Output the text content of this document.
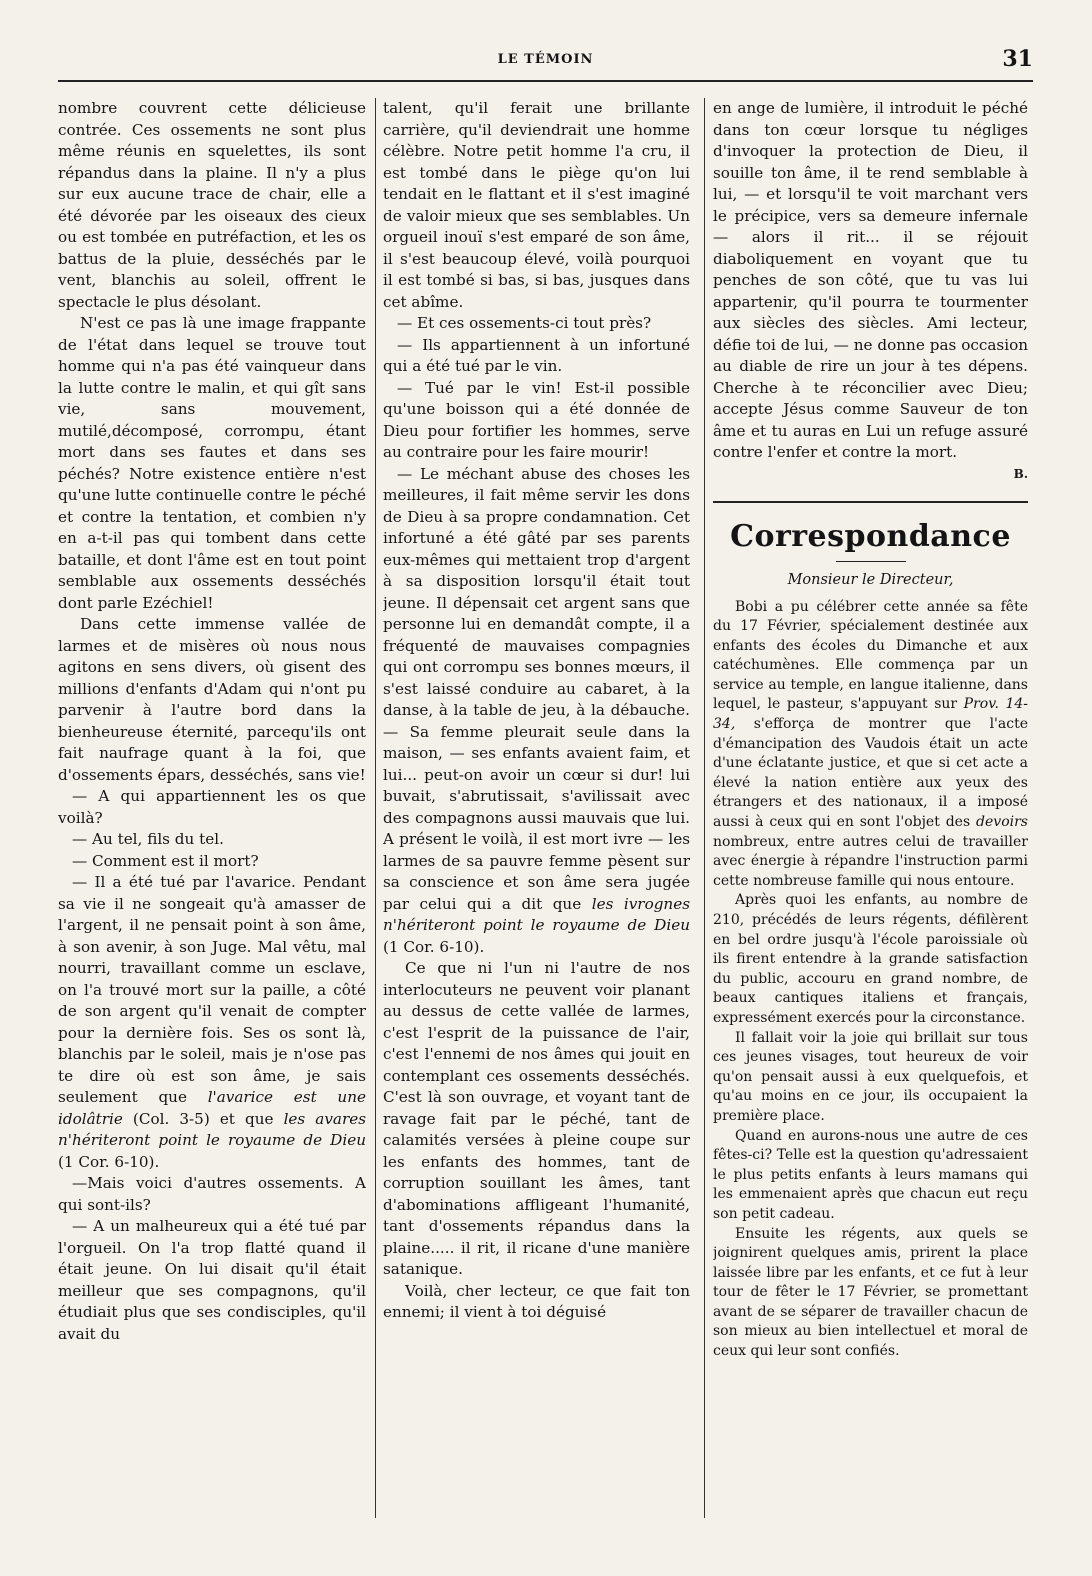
LE TÉMOIN	31

nombre couvrent cette délicieuse contrée. Ces ossements ne sont plus même réunis en squelettes, ils sont répandus dans la plaine. Il n'y a plus sur eux aucune trace de chair, elle a été dévorée par les oiseaux des cieux ou est tombée en putréfaction, et les os battus de la pluie, desséchés par le vent, blanchis au soleil, offrent le spectacle le plus désolant.

N'est ce pas là une image frappante de l'état dans lequel se trouve tout homme qui n'a pas été vainqueur dans la lutte contre le malin, et qui gît sans vie, sans mouvement, mutilé,décomposé, corrompu, étant mort dans ses fautes et dans ses péchés? Notre existence entière n'est qu'une lutte continuelle contre le péché et contre la tentation, et combien n'y en a-t-il pas qui tombent dans cette bataille, et dont l'âme est en tout point semblable aux ossements desséchés dont parle Ezéchiel!

Dans cette immense vallée de larmes et de misères où nous nous agitons en sens divers, où gisent des millions d'enfants d'Adam qui n'ont pu parvenir à l'autre bord dans la bienheureuse éternité, parcequ'ils ont fait naufrage quant à la foi, que d'ossements épars, desséchés, sans vie!

— A qui appartiennent les os que voilà?

— Au tel, fils du tel.

— Comment est il mort?

— Il a été tué par l'avarice. Pendant sa vie il ne songeait qu'à amasser de l'argent, il ne pensait point à son âme, à son avenir, à son Juge. Mal vêtu, mal nourri, travaillant comme un esclave, on l'a trouvé mort sur la paille, a côté de son argent qu'il venait de compter pour la dernière fois. Ses os sont là, blanchis par le soleil, mais je n'ose pas te dire où est son âme, je sais seulement que l'avarice est une idolâtrie (Col. 3-5) et que les avares n'hériteront point le royaume de Dieu (1 Cor. 6-10).

—Mais voici d'autres ossements. A qui sont-ils?

— A un malheureux qui a été tué par l'orgueil. On l'a trop flatté quand il était jeune. On lui disait qu'il était meilleur que ses compagnons, qu'il étudiait plus que ses condisciples, qu'il avait du

talent, qu'il ferait une brillante carrière, qu'il deviendrait une homme célèbre. Notre petit homme l'a cru, il est tombé dans le piège qu'on lui tendait en le flattant et il s'est imaginé de valoir mieux que ses semblables. Un orgueil inouï s'est emparé de son âme, il s'est beaucoup élevé, voilà pourquoi il est tombé si bas, si bas, jusques dans cet abîme.

— Et ces ossements-ci tout près?

— Ils appartiennent à un infortuné qui a été tué par le vin.

— Tué par le vin! Est-il possible qu'une boisson qui a été donnée de Dieu pour fortifier les hommes, serve au contraire pour les faire mourir!

— Le méchant abuse des choses les meilleures, il fait même servir les dons de Dieu à sa propre condamnation. Cet infortuné a été gâté par ses parents eux-mêmes qui mettaient trop d'argent à sa disposition lorsqu'il était tout jeune. Il dépensait cet argent sans que personne lui en demandât compte, il a fréquenté de mauvaises compagnies qui ont corrompu ses bonnes mœurs, il s'est laissé conduire au cabaret, à la danse, à la table de jeu, à la débauche. — Sa femme pleurait seule dans la maison, — ses enfants avaient faim, et lui... peut-on avoir un cœur si dur! lui buvait, s'abrutissait, s'avilissait avec des compagnons aussi mauvais que lui. A présent le voilà, il est mort ivre — les larmes de sa pauvre femme pèsent sur sa conscience et son âme sera jugée par celui qui a dit que les ivrognes n'hériteront point le royaume de Dieu (1 Cor. 6-10).

Ce que ni l'un ni l'autre de nos interlocuteurs ne peuvent voir planant au dessus de cette vallée de larmes, c'est l'esprit de la puissance de l'air, c'est l'ennemi de nos âmes qui jouit en contemplant ces ossements desséchés. C'est là son ouvrage, et voyant tant de ravage fait par le péché, tant de calamités versées à pleine coupe sur les enfants des hommes, tant de corruption souillant les âmes, tant d'abominations affligeant l'humanité, tant d'ossements répandus dans la plaine..... il rit, il ricane d'une manière satanique.

Voilà, cher lecteur, ce que fait ton ennemi; il vient à toi déguisé

en ange de lumière, il introduit le péché dans ton cœur lorsque tu négliges d'invoquer la protection de Dieu, il souille ton âme, il te rend semblable à lui, — et lorsqu'il te voit marchant vers le précipice, vers sa demeure infernale — alors il rit... il se réjouit diaboliquement en voyant que tu penches de son côté, que tu vas lui appartenir, qu'il pourra te tourmenter aux siècles des siècles. Ami lecteur, défie toi de lui, — ne donne pas occasion au diable de rire un jour à tes dépens. Cherche à te réconcilier avec Dieu; accepte Jésus comme Sauveur de ton âme et tu auras en Lui un refuge assuré contre l'enfer et contre la mort.

B.
Correspondance
Monsieur le Directeur,

Bobi a pu célébrer cette année sa fête du 17 Février, spécialement destinée aux enfants des écoles du Dimanche et aux catéchumènes. Elle commença par un service au temple, en langue italienne, dans lequel, le pasteur, s'appuyant sur Prov. 14-34, s'efforça de montrer que l'acte d'émancipation des Vaudois était un acte d'une éclatante justice, et que si cet acte a élevé la nation entière aux yeux des étrangers et des nationaux, il a imposé aussi à ceux qui en sont l'objet des devoirs nombreux, entre autres celui de travailler avec énergie à répandre l'instruction parmi cette nombreuse famille qui nous entoure.

Après quoi les enfants, au nombre de 210, précédés de leurs régents, défilèrent en bel ordre jusqu'à l'école paroissiale où ils firent entendre à la grande satisfaction du public, accouru en grand nombre, de beaux cantiques italiens et français, expressément exercés pour la circonstance.

Il fallait voir la joie qui brillait sur tous ces jeunes visages, tout heureux de voir qu'on pensait aussi à eux quelquefois, et qu'au moins en ce jour, ils occupaient la première place.

Quand en aurons-nous une autre de ces fêtes-ci? Telle est la question qu'adressaient le plus petits enfants à leurs mamans qui les emmenaient après que chacun eut reçu son petit cadeau.

Ensuite les régents, aux quels se joignirent quelques amis, prirent la place laissée libre par les enfants, et ce fut à leur tour de fêter le 17 Février, se promettant avant de se séparer de travailler chacun de son mieux au bien intellectuel et moral de ceux qui leur sont confiés.
